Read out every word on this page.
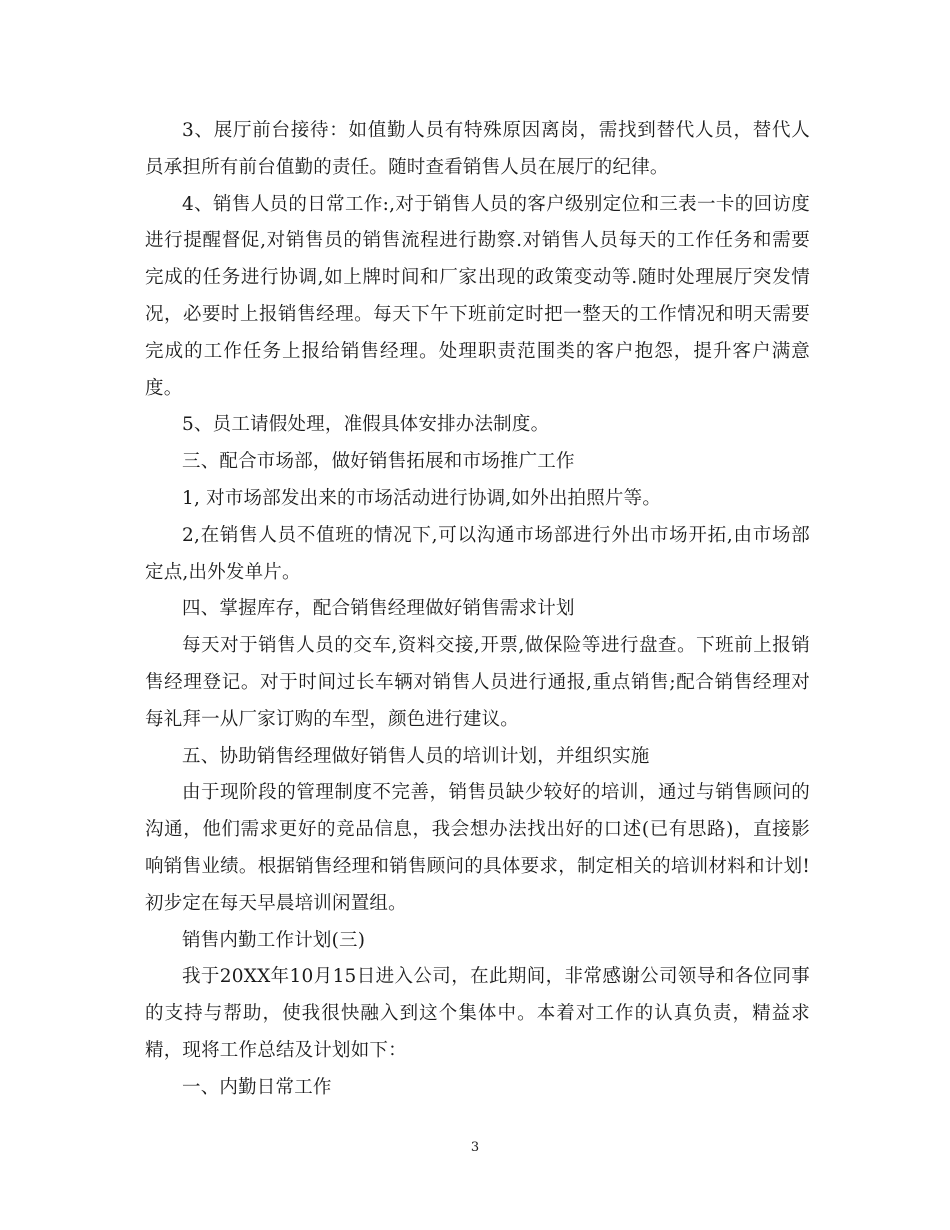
3、展厅前台接待：如值勤人员有特殊原因离岗，需找到替代人员，替代人员承担所有前台值勤的责任。随时查看销售人员在展厅的纪律。

4、销售人员的日常工作:,对于销售人员的客户级别定位和三表一卡的回访度进行提醒督促,对销售员的销售流程进行勘察.对销售人员每天的工作任务和需要完成的任务进行协调,如上牌时间和厂家出现的政策变动等.随时处理展厅突发情况，必要时上报销售经理。每天下午下班前定时把一整天的工作情况和明天需要完成的工作任务上报给销售经理。处理职责范围类的客户抱怨，提升客户满意度。

5、员工请假处理，准假具体安排办法制度。

三、配合市场部，做好销售拓展和市场推广工作

1, 对市场部发出来的市场活动进行协调,如外出拍照片等。

2,在销售人员不值班的情况下,可以沟通市场部进行外出市场开拓,由市场部定点,出外发单片。

四、掌握库存，配合销售经理做好销售需求计划

每天对于销售人员的交车,资料交接,开票,做保险等进行盘查。下班前上报销售经理登记。对于时间过长车辆对销售人员进行通报,重点销售;配合销售经理对每礼拜一从厂家订购的车型，颜色进行建议。

五、协助销售经理做好销售人员的培训计划，并组织实施

由于现阶段的管理制度不完善，销售员缺少较好的培训，通过与销售顾问的沟通，他们需求更好的竞品信息，我会想办法找出好的口述(已有思路)，直接影响销售业绩。根据销售经理和销售顾问的具体要求，制定相关的培训材料和计划!初步定在每天早晨培训闲置组。

销售内勤工作计划(三)

我于20XX年10月15日进入公司，在此期间，非常感谢公司领导和各位同事的支持与帮助，使我很快融入到这个集体中。本着对工作的认真负责，精益求精，现将工作总结及计划如下：

一、内勤日常工作

3
